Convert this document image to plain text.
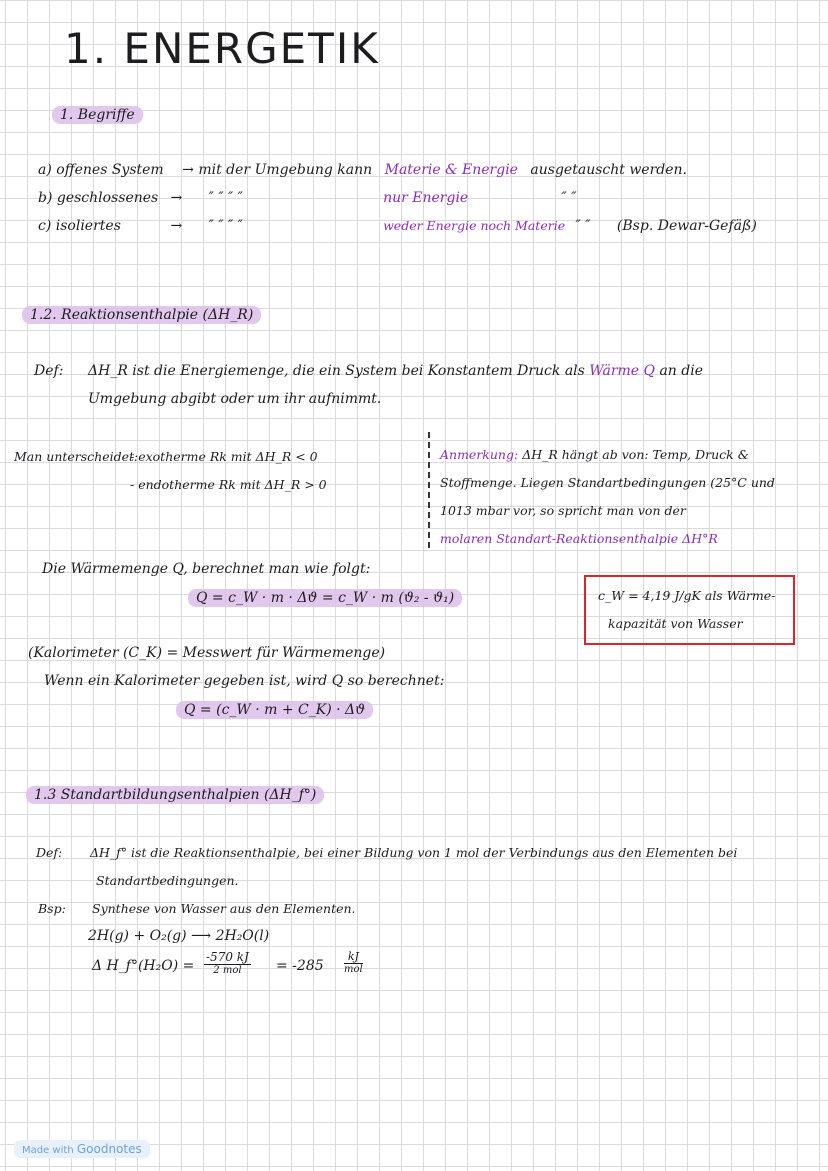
1. ENERGETIK
1. Begriffe
a) offenes System → mit der Umgebung kann Materie & Energie ausgetauscht werden.
b) geschlossenes → ″ ″ ″ ″	nur Energie	″ ″
c) isoliertes	→ ″ ″ ″ ″	weder Energie noch Materie ″ ″ (Bsp. Dewar-Gefäß)
1.2. Reaktionsenthalpie (ΔH_R)
Def: ΔH_R ist die Energiemenge, die ein System bei Konstantem Druck als Wärme Q an die
Umgebung abgibt oder um ihr aufnimmt.
Man unterscheidet:
- exotherme Rk mit ΔH_R < 0
- endotherme Rk mit ΔH_R > 0
Anmerkung: ΔH_R hängt ab von: Temp, Druck &
Stoffmenge. Liegen Standartbedingungen (25°C und
1013 mbar vor, so spricht man von der
molaren Standart-Reaktionsenthalpie ΔH°R
Die Wärmemenge Q, berechnet man wie folgt:
Q = c_W · m · Δϑ = c_W · m (ϑ₂ - ϑ₁)	c_W = 4,19 J/gK als Wärme-
kapazität von Wasser
(Kalorimeter (C_K) = Messwert für Wärmemenge)
Wenn ein Kalorimeter gegeben ist, wird Q so berechnet:
Q = (c_W · m + C_K) · Δϑ
1.3 Standartbildungsenthalpien (ΔH_f°)
Def: ΔH_f° ist die Reaktionsenthalpie, bei einer Bildung von 1 mol der Verbindungs aus den Elementen bei
Standartbedingungen.
Bsp: Synthese von Wasser aus den Elementen.
2H(g) + O₂(g) ⟶ 2H₂O(l)
Δ H_f°(H₂O) =
-570 kJ
2 mol	= -285
kJ
mol
Made with Goodnotes
